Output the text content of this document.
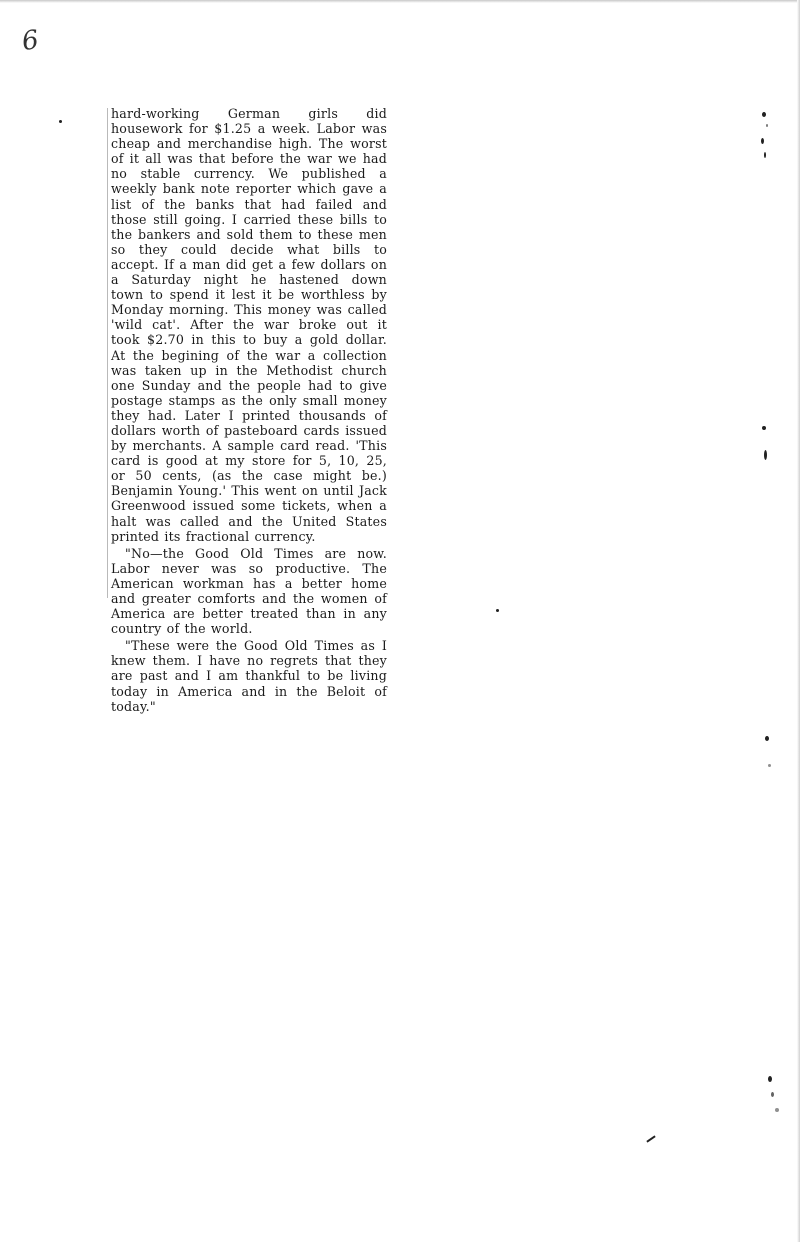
6

hard-working German girls did housework for $1.25 a week. Labor was cheap and merchandise high. The worst of it all was that before the war we had no stable currency. We published a weekly bank note reporter which gave a list of the banks that had failed and those still going. I carried these bills to the bankers and sold them to these men so they could decide what bills to accept. If a man did get a few dollars on a Saturday night he hastened down town to spend it lest it be worthless by Monday morning. This money was called 'wild cat'. After the war broke out it took $2.70 in this to buy a gold dollar. At the begining of the war a collection was taken up in the Methodist church one Sunday and the people had to give postage stamps as the only small money they had. Later I printed thousands of dollars worth of pasteboard cards issued by merchants. A sample card read. 'This card is good at my store for 5, 10, 25, or 50 cents, (as the case might be.) Benjamin Young.' This went on until Jack Greenwood issued some tickets, when a halt was called and the United States printed its fractional currency.

"No—the Good Old Times are now. Labor never was so productive. The American workman has a better home and greater comforts and the women of America are better treated than in any country of the world.

"These were the Good Old Times as I knew them. I have no regrets that they are past and I am thankful to be living today in America and in the Beloit of today."
